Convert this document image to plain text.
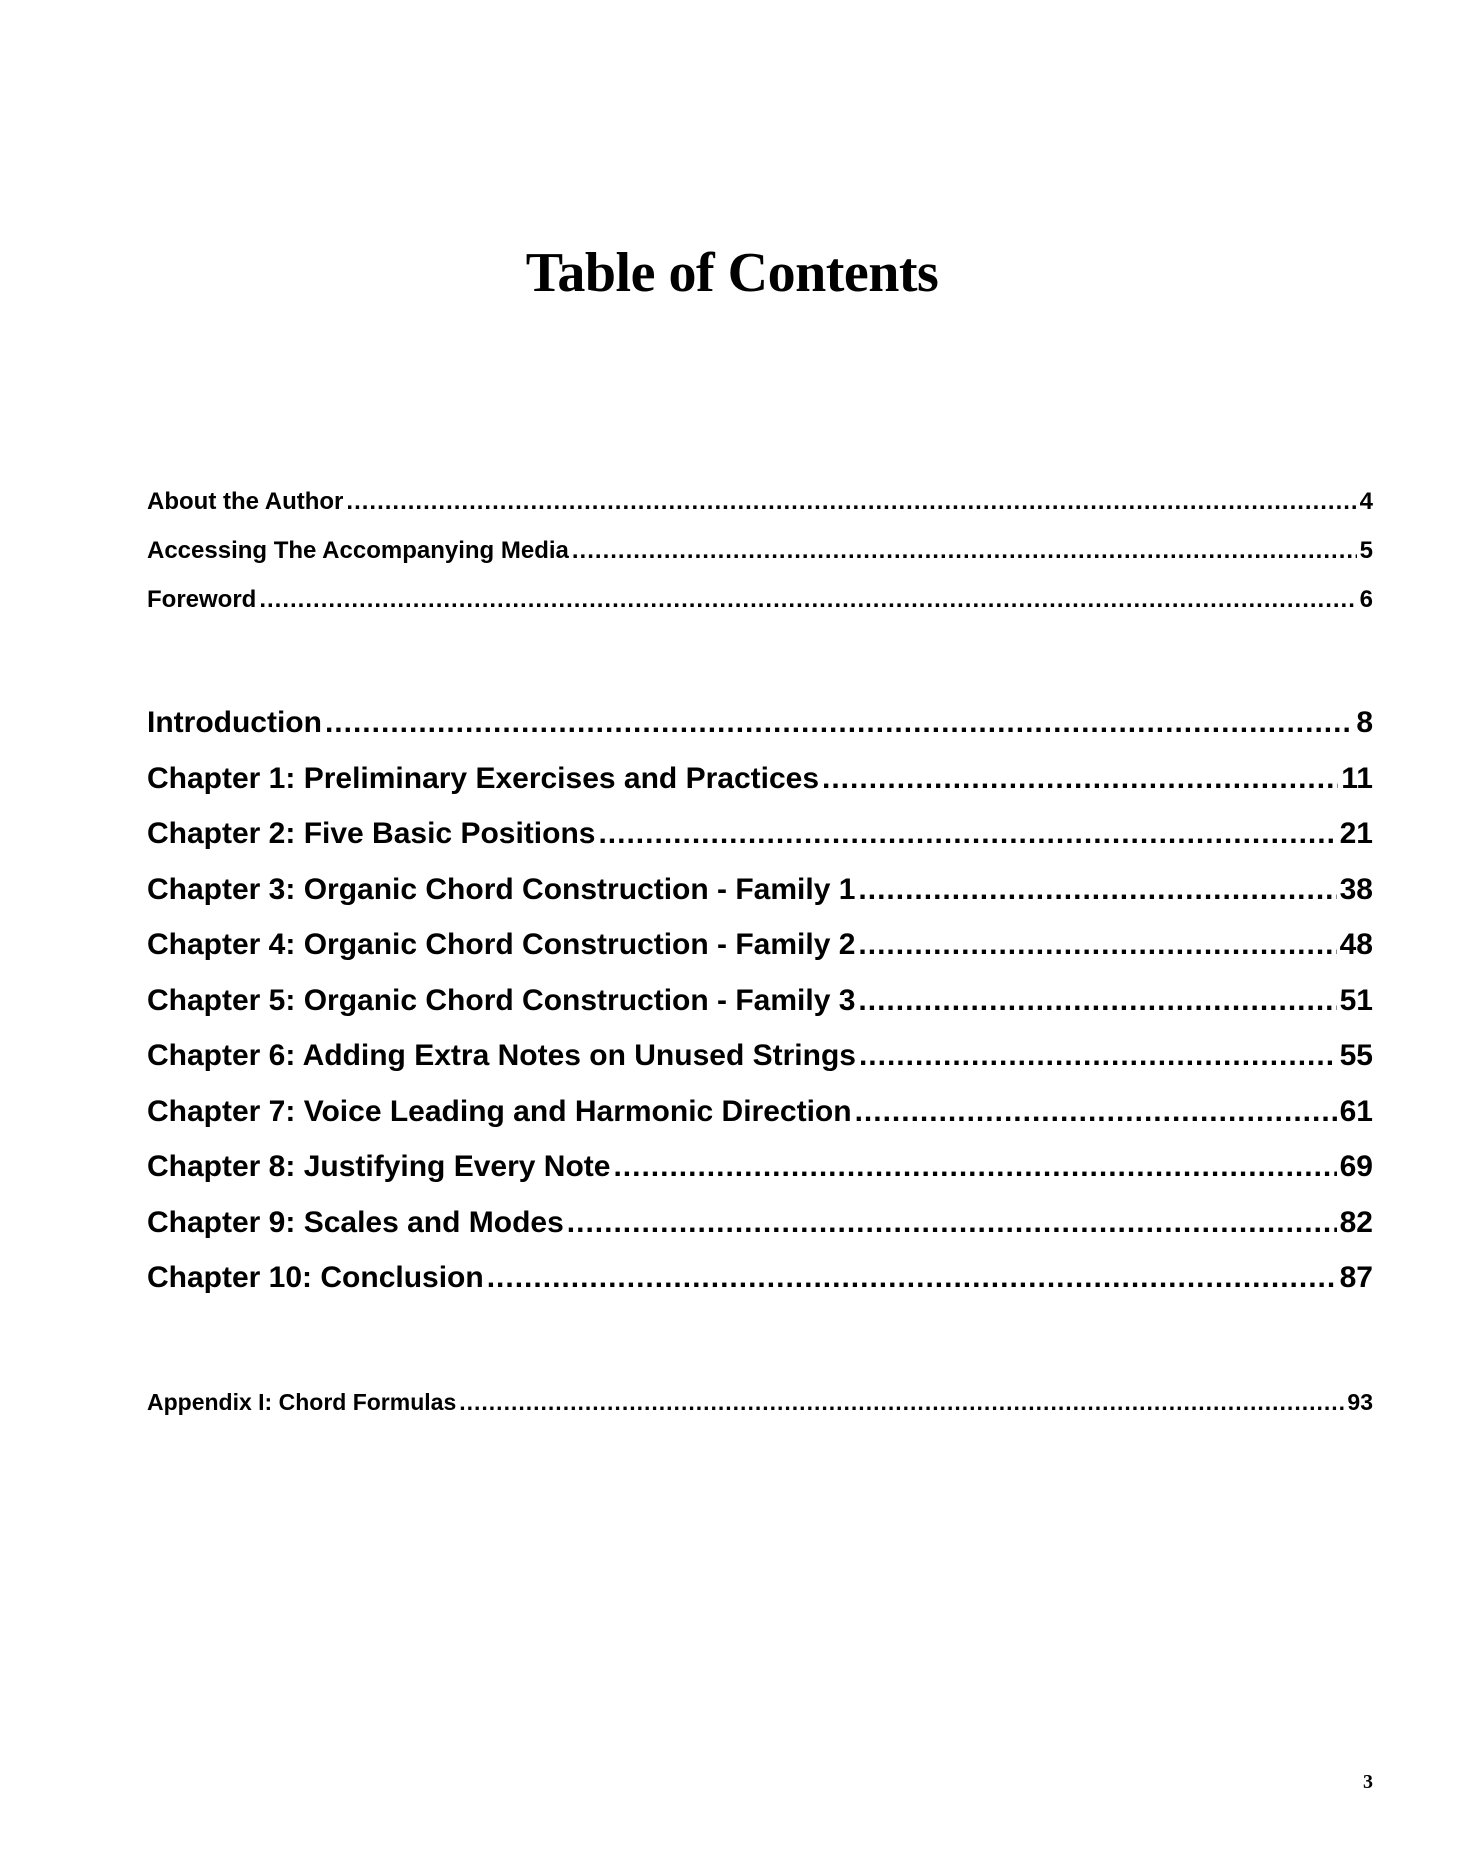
Table of Contents
About the Author .....	4
Accessing The Accompanying Media .....	5
Foreword .....	6
Introduction .....	8
Chapter 1: Preliminary Exercises and Practices .....	11
Chapter 2: Five Basic Positions .....	21
Chapter 3: Organic Chord Construction - Family 1 .....	38
Chapter 4: Organic Chord Construction - Family 2 .....	48
Chapter 5: Organic Chord Construction - Family 3 .....	51
Chapter 6: Adding Extra Notes on Unused Strings .....	55
Chapter 7: Voice Leading and Harmonic Direction .....	61
Chapter 8: Justifying Every Note .....	69
Chapter 9: Scales and Modes .....	82
Chapter 10: Conclusion .....	87
Appendix I: Chord Formulas .....	93
3
